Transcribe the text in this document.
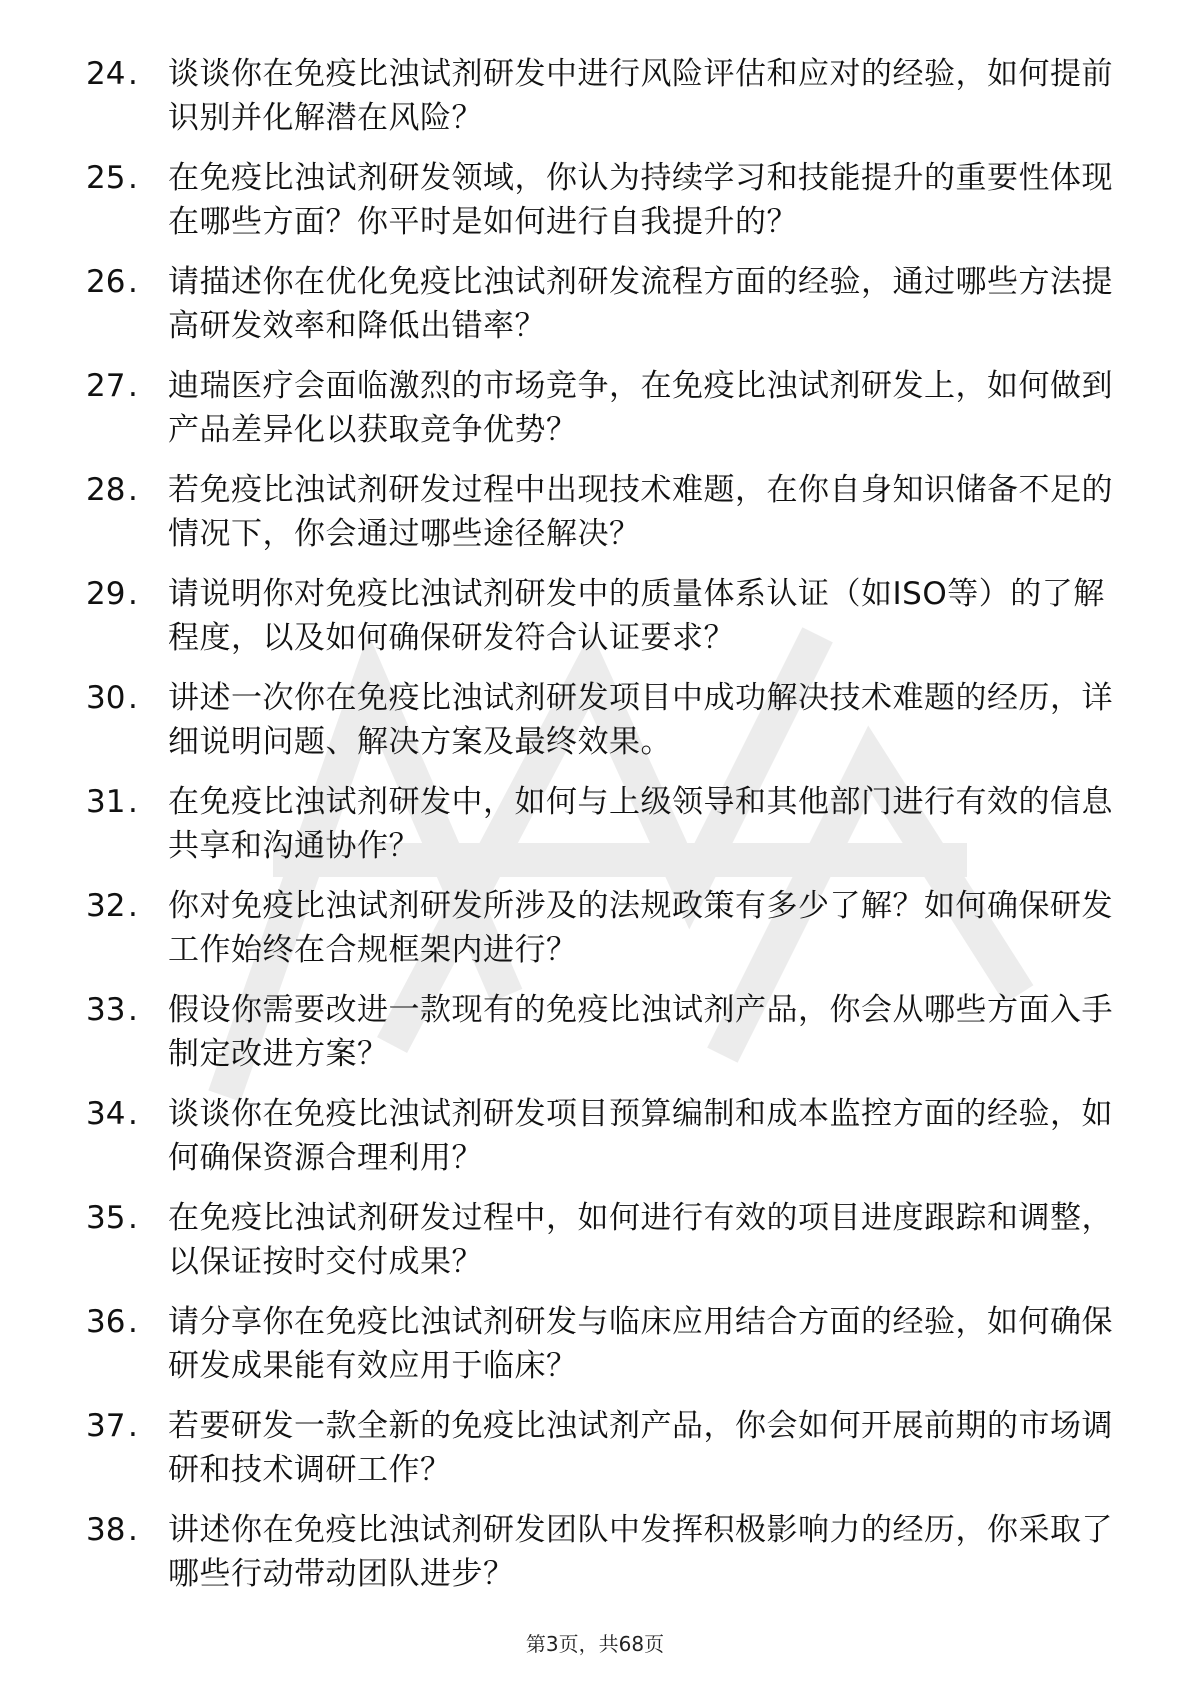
24 . 谈谈你在免疫比浊试剂研发中进行风险评估和应对的经验，如何提前识别并化解潜在风险？
25 . 在免疫比浊试剂研发领域，你认为持续学习和技能提升的重要性体现在哪些方面？你平时是如何进行自我提升的？
26 . 请描述你在优化免疫比浊试剂研发流程方面的经验，通过哪些方法提高研发效率和降低出错率？
27 . 迪瑞医疗会面临激烈的市场竞争，在免疫比浊试剂研发上，如何做到产品差异化以获取竞争优势？
28 . 若免疫比浊试剂研发过程中出现技术难题，在你自身知识储备不足的情况下，你会通过哪些途径解决？
29 . 请说明你对免疫比浊试剂研发中的质量体系认证（如ISO等）的了解程度，以及如何确保研发符合认证要求？
30 . 讲述一次你在免疫比浊试剂研发项目中成功解决技术难题的经历，详细说明问题、解决方案及最终效果。
31 . 在免疫比浊试剂研发中，如何与上级领导和其他部门进行有效的信息共享和沟通协作？
32 . 你对免疫比浊试剂研发所涉及的法规政策有多少了解？如何确保研发工作始终在合规框架内进行？
33 . 假设你需要改进一款现有的免疫比浊试剂产品，你会从哪些方面入手制定改进方案？
34 . 谈谈你在免疫比浊试剂研发项目预算编制和成本监控方面的经验，如何确保资源合理利用？
35 . 在免疫比浊试剂研发过程中，如何进行有效的项目进度跟踪和调整，以保证按时交付成果？
36 . 请分享你在免疫比浊试剂研发与临床应用结合方面的经验，如何确保研发成果能有效应用于临床？
37 . 若要研发一款全新的免疫比浊试剂产品，你会如何开展前期的市场调研和技术调研工作？
38 . 讲述你在免疫比浊试剂研发团队中发挥积极影响力的经历，你采取了哪些行动带动团队进步？
第3页，共68页
